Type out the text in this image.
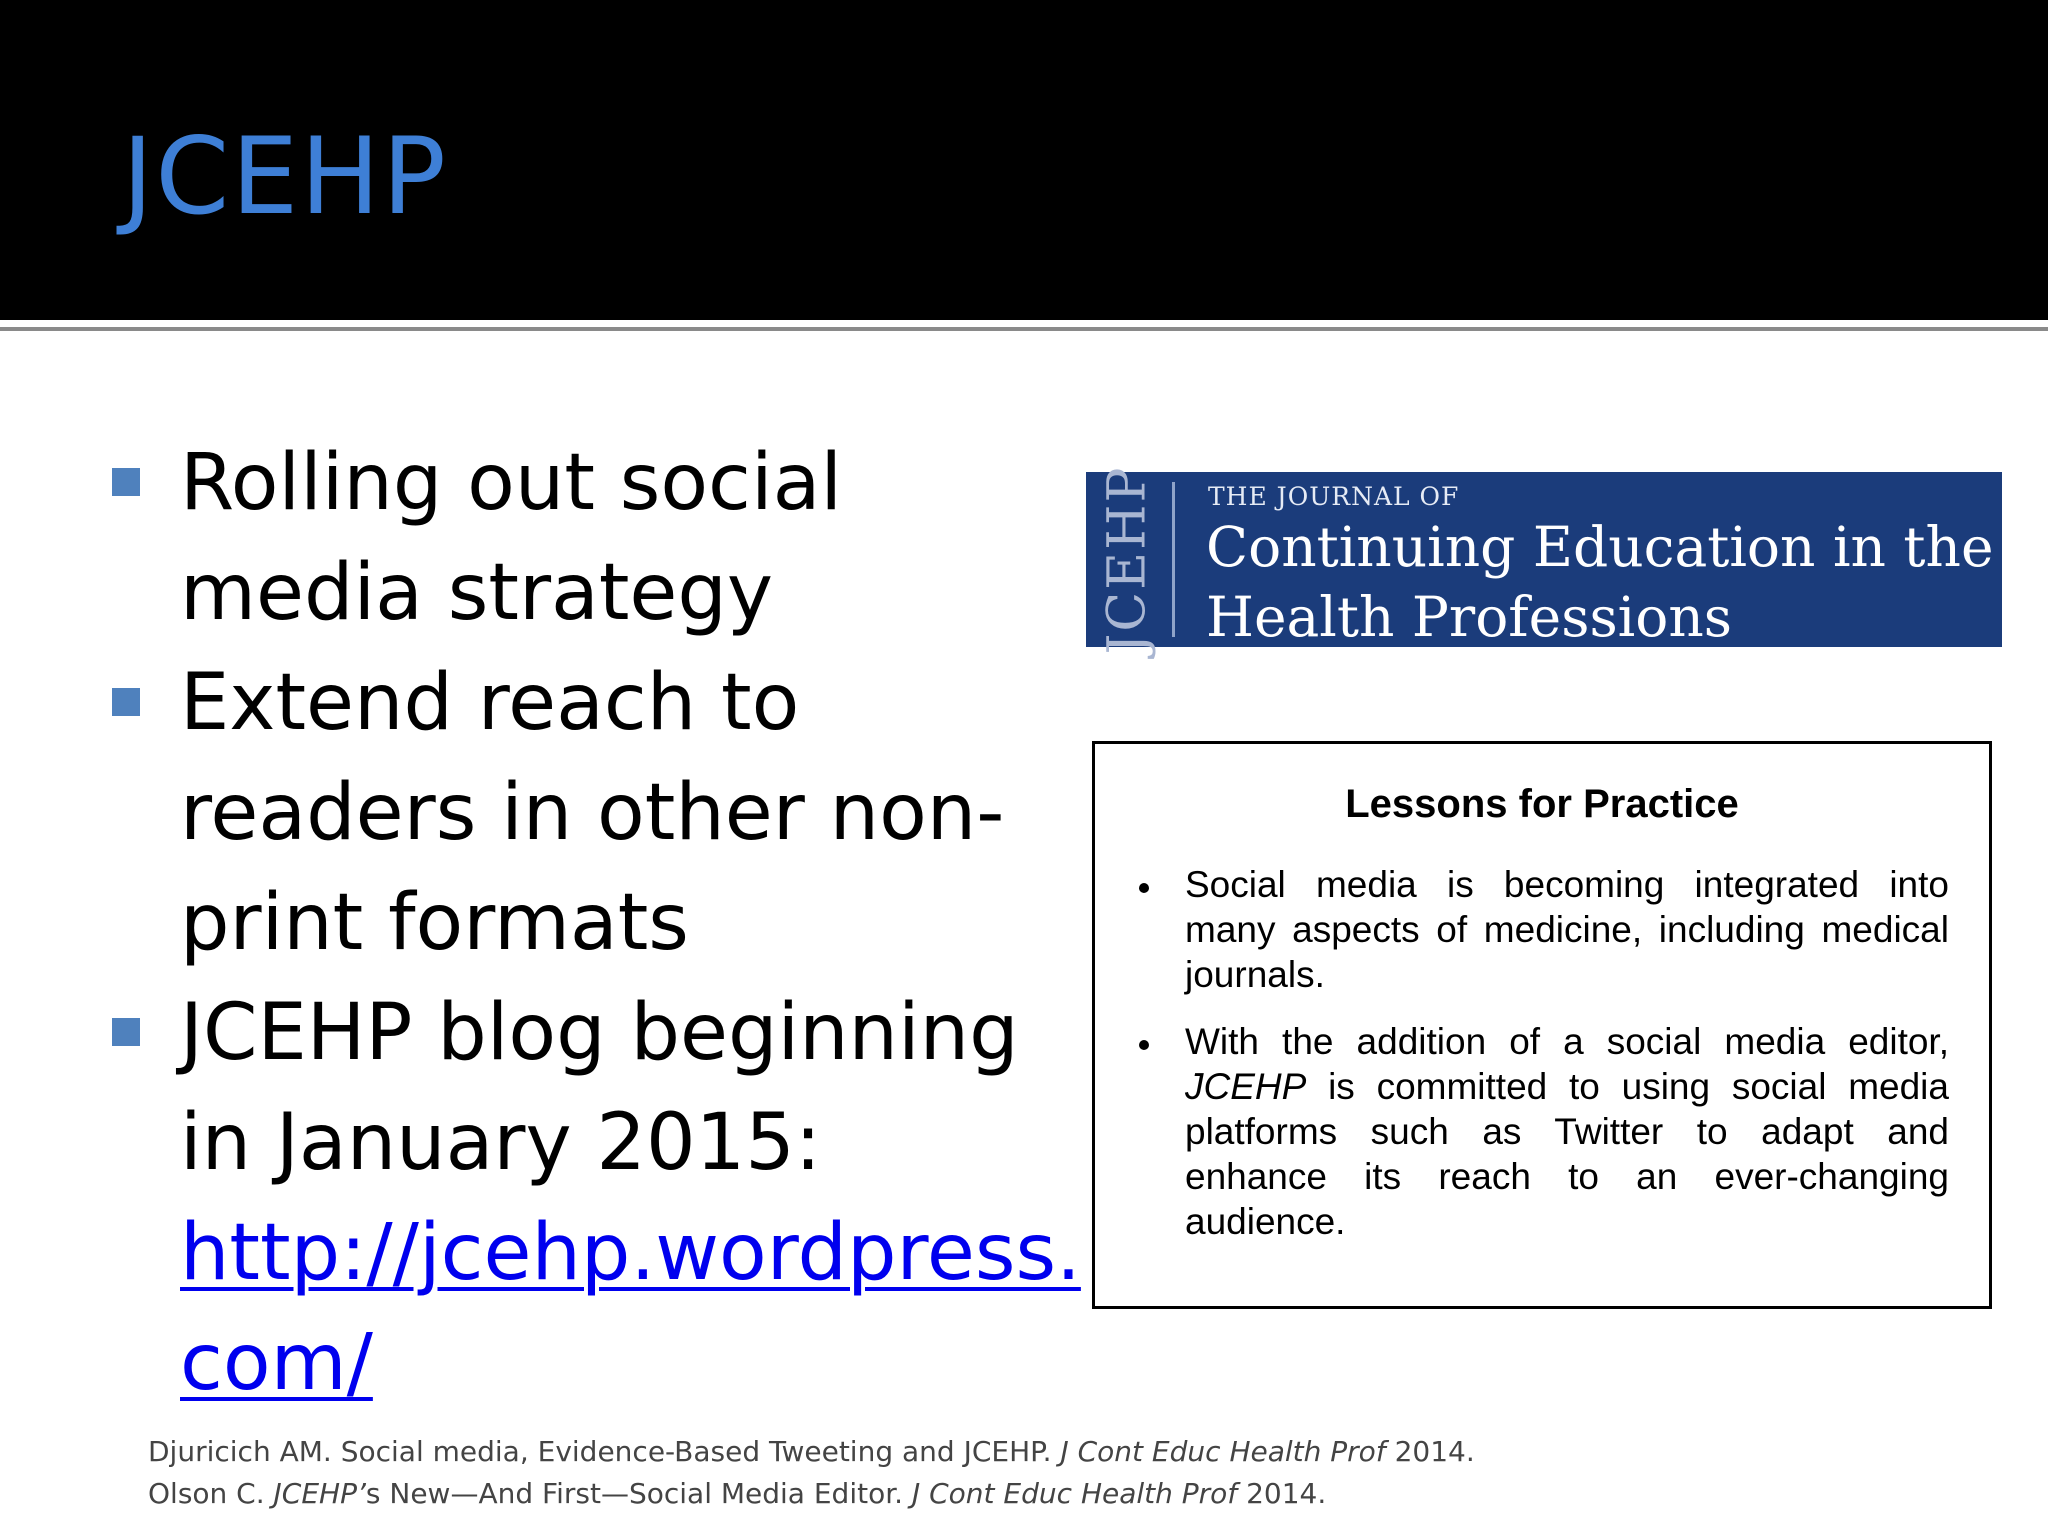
JCEHP
Rolling out social media strategy
Extend reach to readers in other non-print formats
JCEHP blog beginning in January 2015:
http://jcehp.wordpress.
com/
JCEHP THE JOURNAL OF
Continuing Education in the
Health Professions
Lessons for Practice
Social media is becoming integrated into many aspects of medicine, including medical journals.
With the addition of a social media editor, JCEHP is committed to using social media platforms such as Twitter to adapt and enhance its reach to an ever-changing audience.
Djuricich AM. Social media, Evidence-Based Tweeting and JCEHP. J Cont Educ Health Prof 2014.
Olson C. JCEHP’s New—And First—Social Media Editor. J Cont Educ Health Prof 2014.
